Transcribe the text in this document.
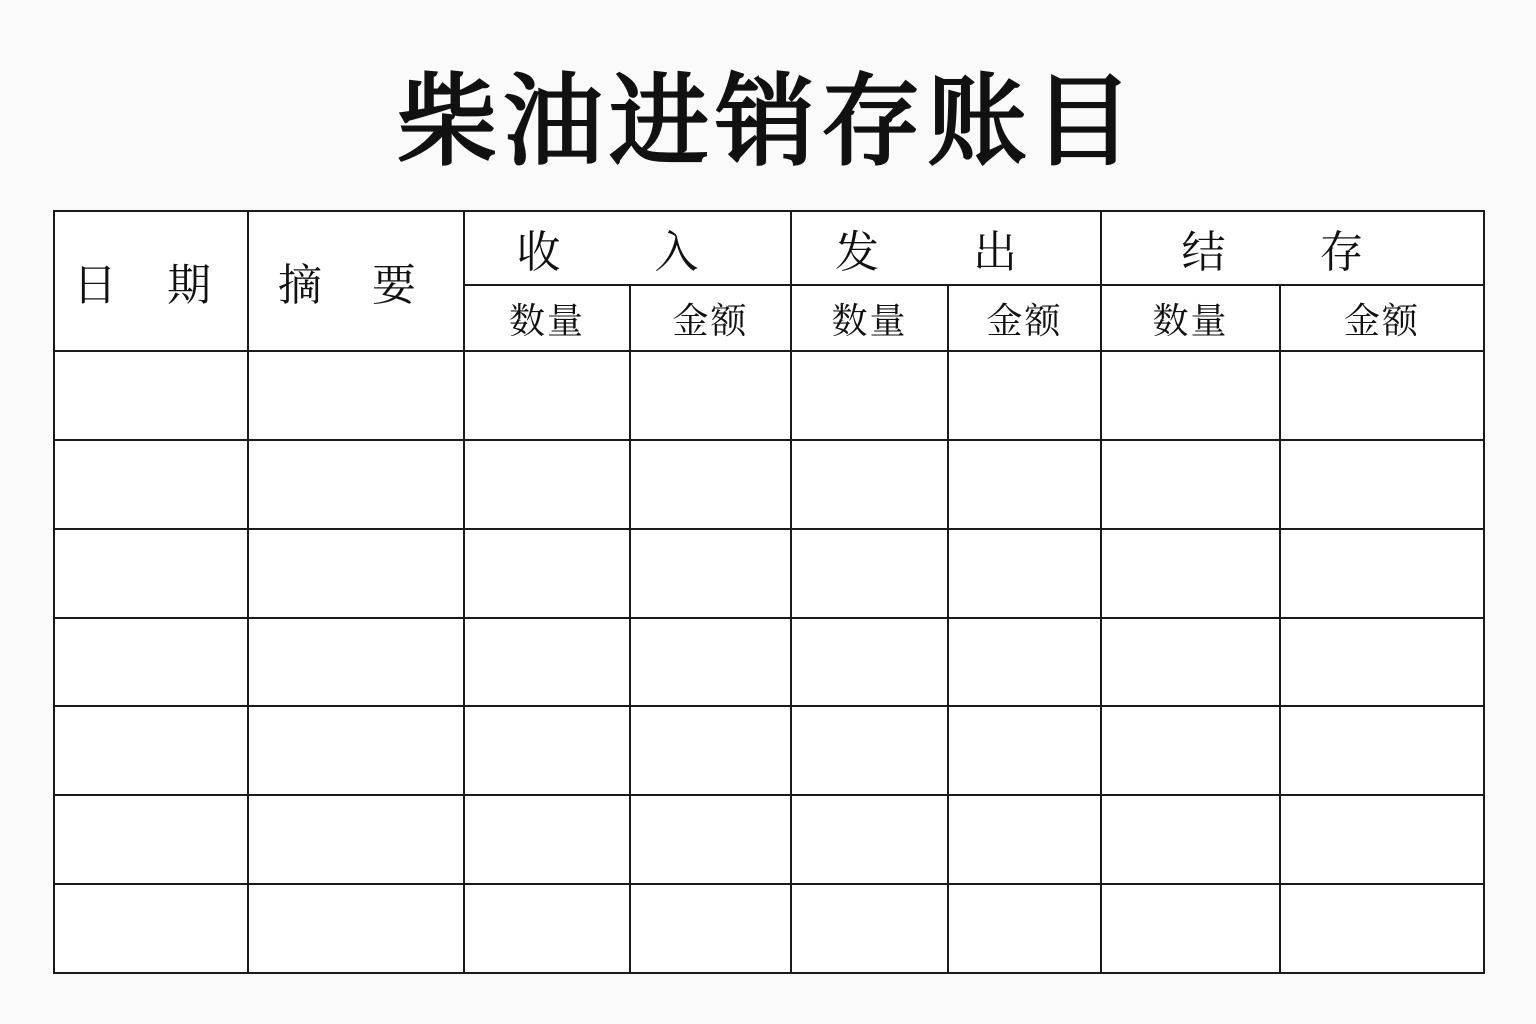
柴油进销存账目
日 期	摘 要	收 入		发 出		结 存	
		数量	金额	数量	金额	数量	金额
